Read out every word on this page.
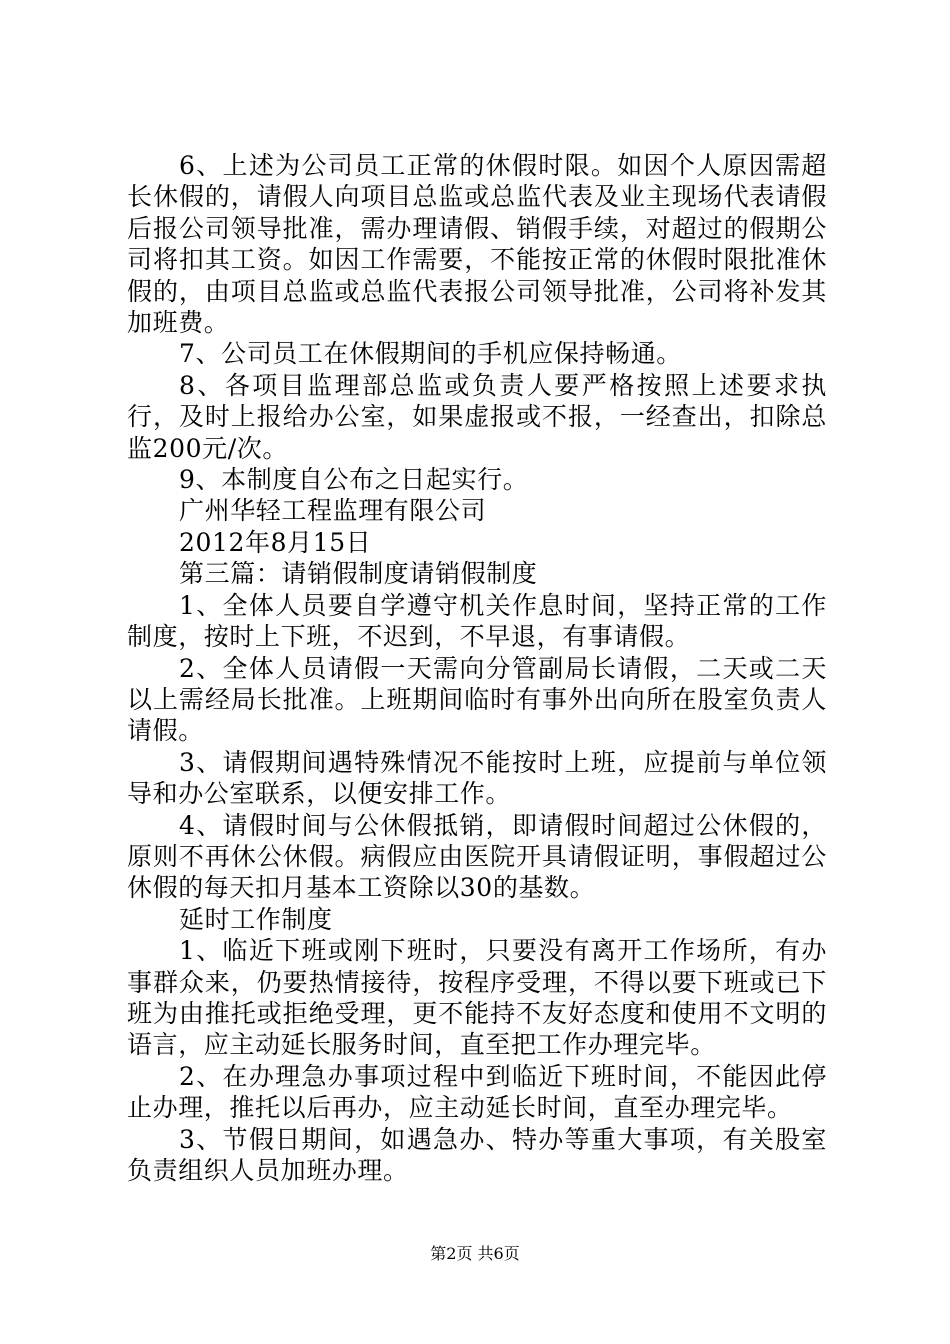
6、上述为公司员工正常的休假时限。如因个人原因需超长休假的，请假人向项目总监或总监代表及业主现场代表请假后报公司领导批准，需办理请假、销假手续，对超过的假期公司将扣其工资。如因工作需要，不能按正常的休假时限批准休假的，由项目总监或总监代表报公司领导批准，公司将补发其加班费。

7、公司员工在休假期间的手机应保持畅通。

8、各项目监理部总监或负责人要严格按照上述要求执行，及时上报给办公室，如果虚报或不报，一经查出，扣除总监200元/次。

9、本制度自公布之日起实行。

广州华轻工程监理有限公司

2012年8月15日

第三篇：请销假制度请销假制度

1、全体人员要自学遵守机关作息时间，坚持正常的工作制度，按时上下班，不迟到，不早退，有事请假。

2、全体人员请假一天需向分管副局长请假，二天或二天以上需经局长批准。上班期间临时有事外出向所在股室负责人请假。

3、请假期间遇特殊情况不能按时上班，应提前与单位领导和办公室联系，以便安排工作。

4、请假时间与公休假抵销，即请假时间超过公休假的，原则不再休公休假。病假应由医院开具请假证明，事假超过公休假的每天扣月基本工资除以30的基数。

延时工作制度

1、临近下班或刚下班时，只要没有离开工作场所，有办事群众来，仍要热情接待，按程序受理，不得以要下班或已下班为由推托或拒绝受理，更不能持不友好态度和使用不文明的语言，应主动延长服务时间，直至把工作办理完毕。

2、在办理急办事项过程中到临近下班时间，不能因此停止办理，推托以后再办，应主动延长时间，直至办理完毕。

3、节假日期间，如遇急办、特办等重大事项，有关股室负责组织人员加班办理。

第2页 共6页
